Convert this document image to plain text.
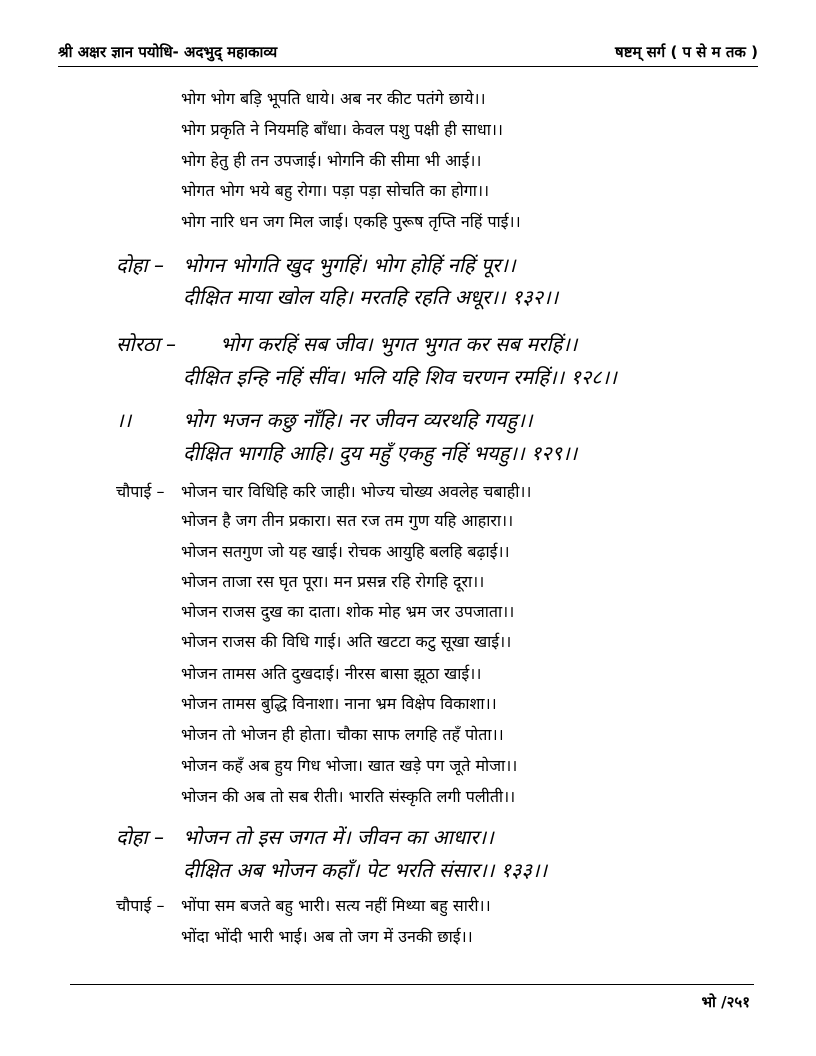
श्री अक्षर ज्ञान पयोधि- अदभुद् महाकाव्य	षष्टम् सर्ग ( प से म तक )
भोग भोग बड़ि भूपति धाये। अब नर कीट पतंगे छाये।।
भोग प्रकृति ने नियमहि बाँधा। केवल पशु पक्षी ही साधा।।
भोग हेतु ही तन उपजाई। भोगनि की सीमा भी आई।।
भोगत भोग भये बहु रोगा। पड़ा पड़ा सोचति का होगा।।
भोग नारि धन जग मिल जाई। एकहि पुरूष तृप्ति नहिं पाई।।
दोहा – भोगन भोगति खुद भुगहिं। भोग होहिं नहिं पूर।।
दीक्षित माया खोल यहि। मरतहि रहति अधूर।। १३२।।
सोरठा – भोग करहिं सब जीव। भुगत भुगत कर सब मरहिं।।
दीक्षित इन्हि नहिं सींव। भलि यहि शिव चरणन रमहिं।। १२८।।
।।	भोग भजन कछु नाँहि। नर जीवन व्यरथहि गयहु।।
दीक्षित भागहि आहि। दुय महुँ एकहु नहिं भयहु।। १२९।।
चौपाई – भोजन चार विधिहि करि जाही। भोज्य चोख्य अवलेह चबाही।।
भोजन है जग तीन प्रकारा। सत रज तम गुण यहि आहारा।।
भोजन सतगुण जो यह खाई। रोचक आयुहि बलहि बढ़ाई।।
भोजन ताजा रस घृत पूरा। मन प्रसन्न रहि रोगहि दूरा।।
भोजन राजस दुख का दाता। शोक मोह भ्रम जर उपजाता।।
भोजन राजस की विधि गाई। अति खटटा कटु सूखा खाई।।
भोजन तामस अति दुखदाई। नीरस बासा झूठा खाई।।
भोजन तामस बुद्धि विनाशा। नाना भ्रम विक्षेप विकाशा।।
भोजन तो भोजन ही होता। चौका साफ लगहि तहँ पोता।।
भोजन कहँ अब हुय गिध भोजा। खात खड़े पग जूते मोजा।।
भोजन की अब तो सब रीती। भारति संस्कृति लगी पलीती।।
दोहा – भोजन तो इस जगत में। जीवन का आधार।।
दीक्षित अब भोजन कहाँ। पेट भरति संसार।। १३३।।
चौपाई – भोंपा सम बजते बहु भारी। सत्य नहीं मिथ्या बहु सारी।।
भोंदा भोंदी भारी भाई। अब तो जग में उनकी छाई।।
भो /२५१
